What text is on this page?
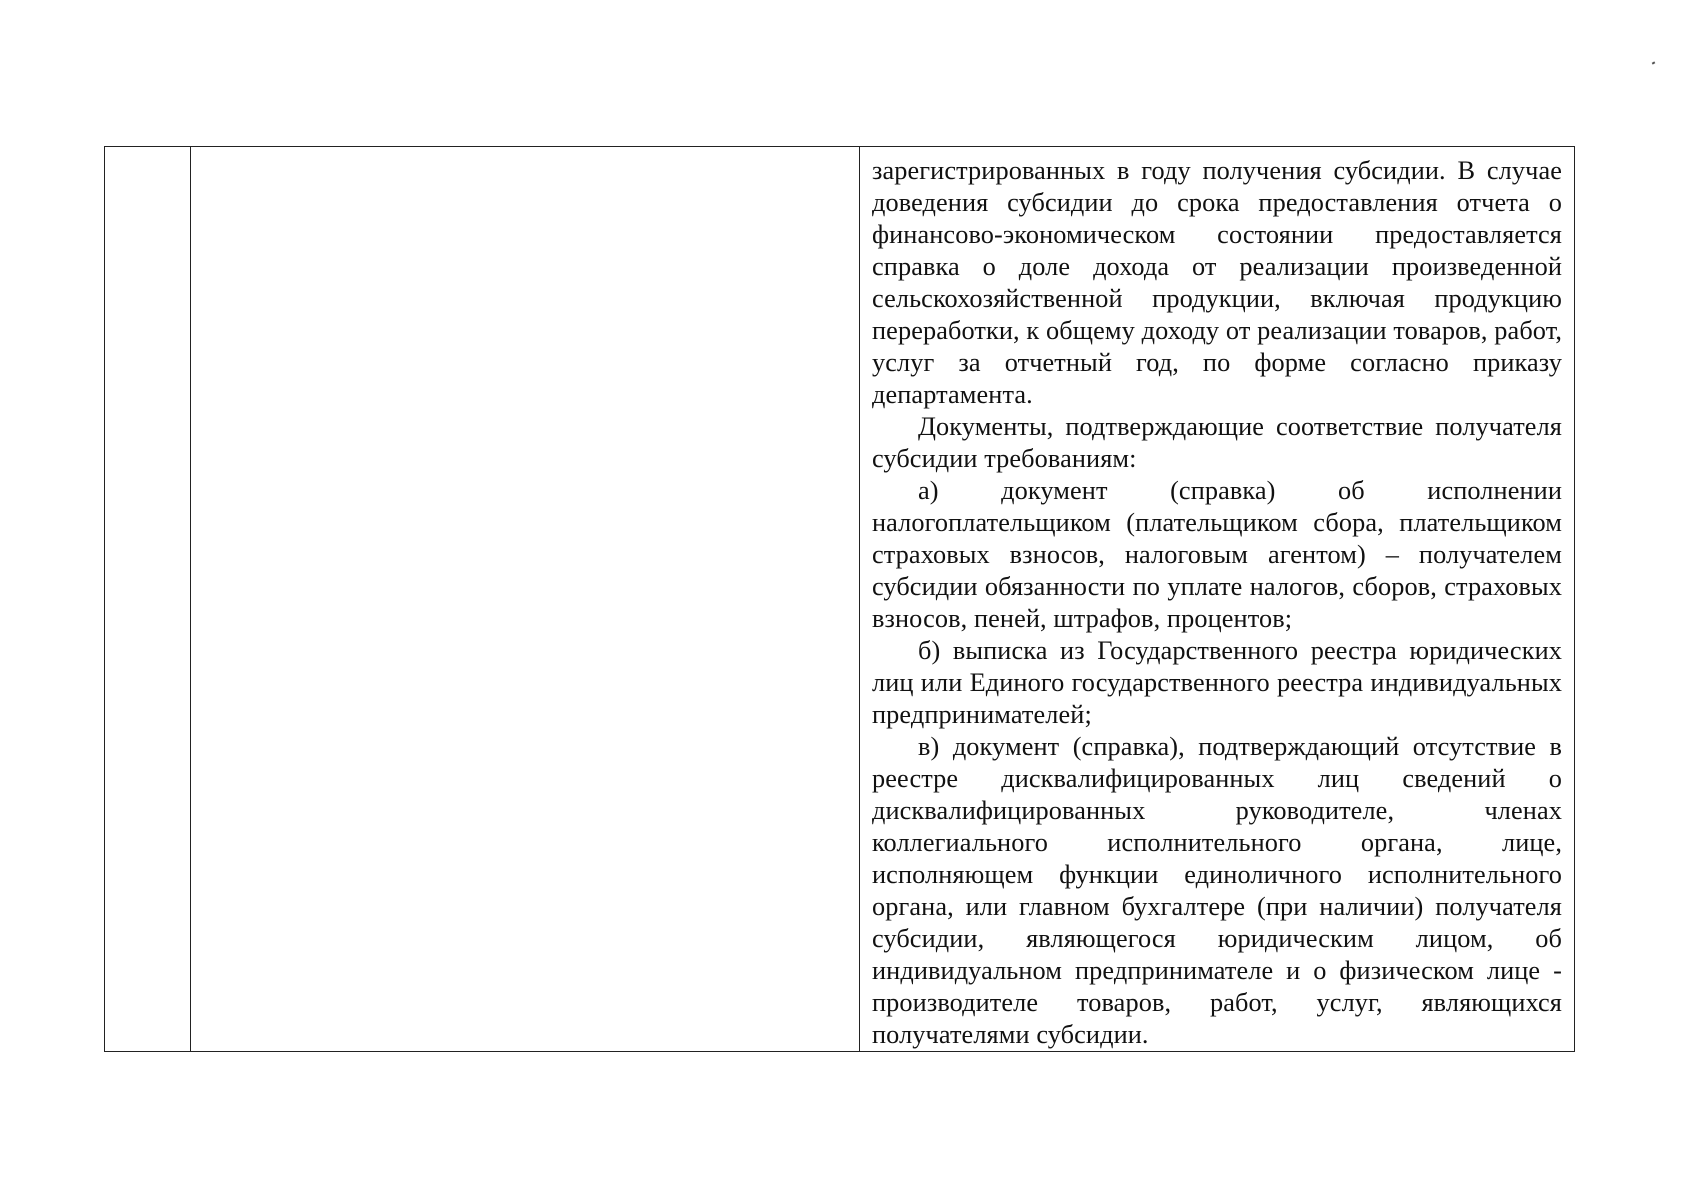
зарегистрированных в году получения субсидии. В случае доведения субсидии до срока предоставления отчета о финансово-экономическом состоянии предоставляется справка о доле дохода от реализации произведенной сельскохозяйственной продукции, включая продукцию переработки, к общему доходу от реализации товаров, работ, услуг за отчетный год, по форме согласно приказу департамента.

Документы, подтверждающие соответствие получателя субсидии требованиям:

а) документ (справка) об исполнении налогоплательщиком (плательщиком сбора, плательщиком страховых взносов, налоговым агентом) – получателем субсидии обязанности по уплате налогов, сборов, страховых взносов, пеней, штрафов, процентов;

б) выписка из Государственного реестра юридических лиц или Единого государственного реестра индивидуальных предпринимателей;

в) документ (справка), подтверждающий отсутствие в реестре дисквалифицированных лиц сведений о дисквалифицированных руководителе, членах коллегиального исполнительного органа, лице, исполняющем функции единоличного исполнительного органа, или главном бухгалтере (при наличии) получателя субсидии, являющегося юридическим лицом, об индивидуальном предпринимателе и о физическом лице - производителе товаров, работ, услуг, являющихся получателями субсидии.
